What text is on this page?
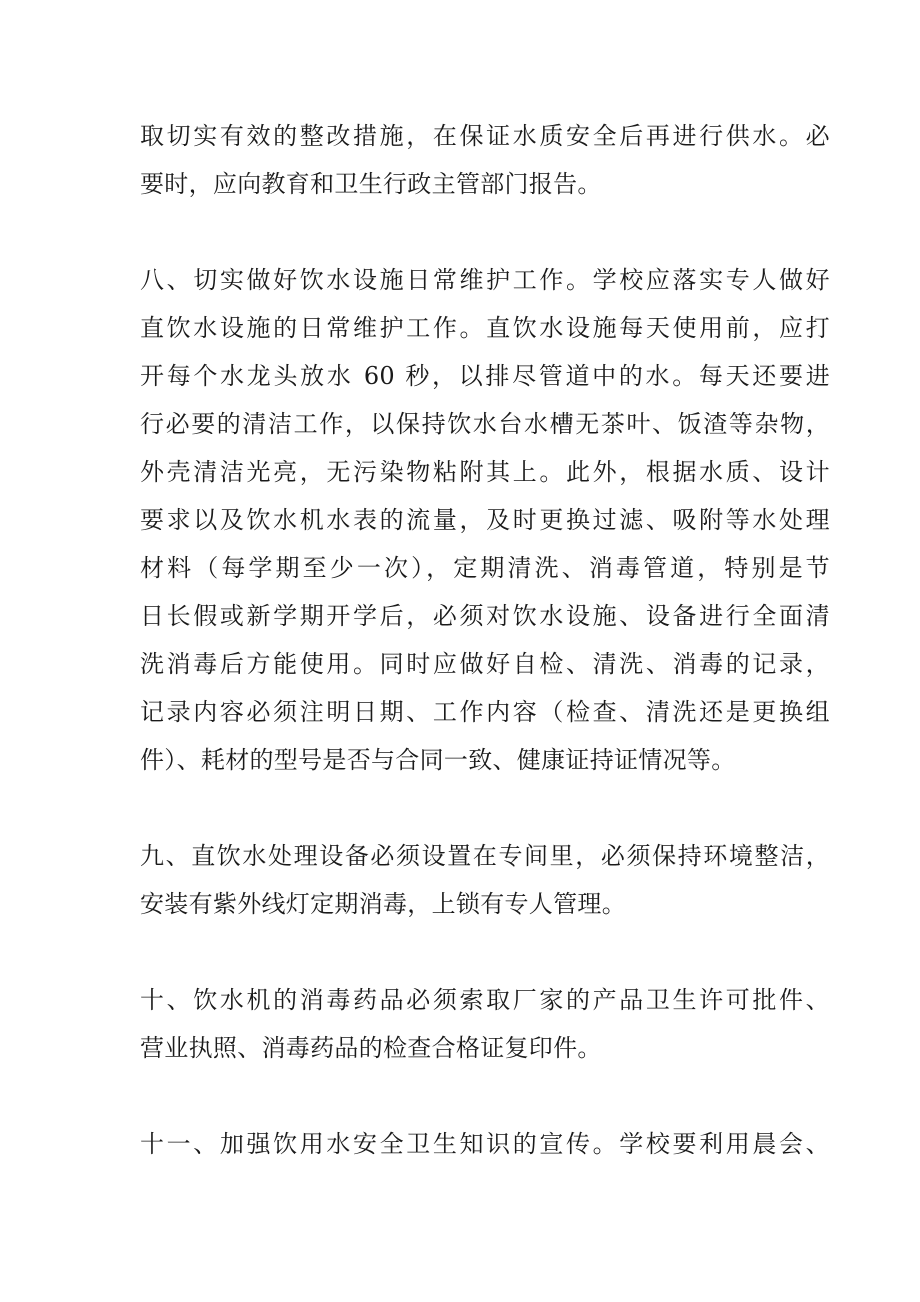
取切实有效的整改措施，在保证水质安全后再进行供水。必
要时，应向教育和卫生行政主管部门报告。
八、切实做好饮水设施日常维护工作。学校应落实专人做好
直饮水设施的日常维护工作。直饮水设施每天使用前，应打
开每个水龙头放水 60 秒，以排尽管道中的水。每天还要进
行必要的清洁工作，以保持饮水台水槽无茶叶、饭渣等杂物，
外壳清洁光亮，无污染物粘附其上。此外，根据水质、设计
要求以及饮水机水表的流量，及时更换过滤、吸附等水处理
材料（每学期至少一次），定期清洗、消毒管道，特别是节
日长假或新学期开学后，必须对饮水设施、设备进行全面清
洗消毒后方能使用。同时应做好自检、清洗、消毒的记录，
记录内容必须注明日期、工作内容（检查、清洗还是更换组
件）、耗材的型号是否与合同一致、健康证持证情况等。
九、直饮水处理设备必须设置在专间里，必须保持环境整洁，
安装有紫外线灯定期消毒，上锁有专人管理。
十、饮水机的消毒药品必须索取厂家的产品卫生许可批件、
营业执照、消毒药品的检查合格证复印件。
十一、加强饮用水安全卫生知识的宣传。学校要利用晨会、
